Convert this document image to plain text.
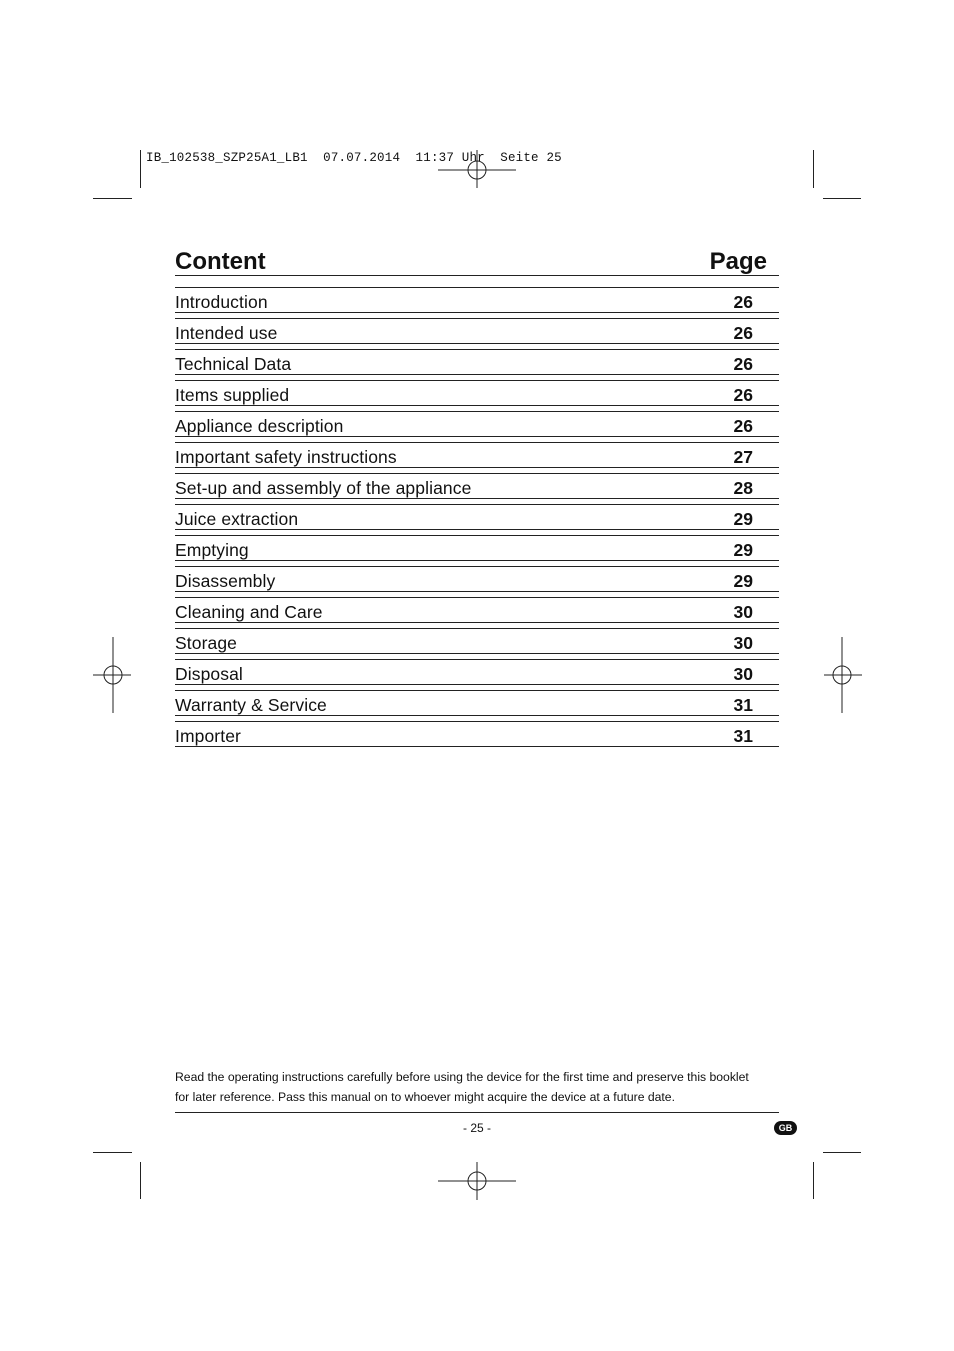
IB_102538_SZP25A1_LB1  07.07.2014  11:37 Uhr  Seite 25
Content	Page
Introduction	26
Intended use	26
Technical Data	26
Items supplied	26
Appliance description	26
Important safety instructions	27
Set-up and assembly of the appliance	28
Juice extraction	29
Emptying	29
Disassembly	29
Cleaning and Care	30
Storage	30
Disposal	30
Warranty & Service	31
Importer	31
Read the operating instructions carefully before using the device for the first time and preserve this booklet
for later reference. Pass this manual on to whoever might acquire the device at a future date.
- 25 -	GB
